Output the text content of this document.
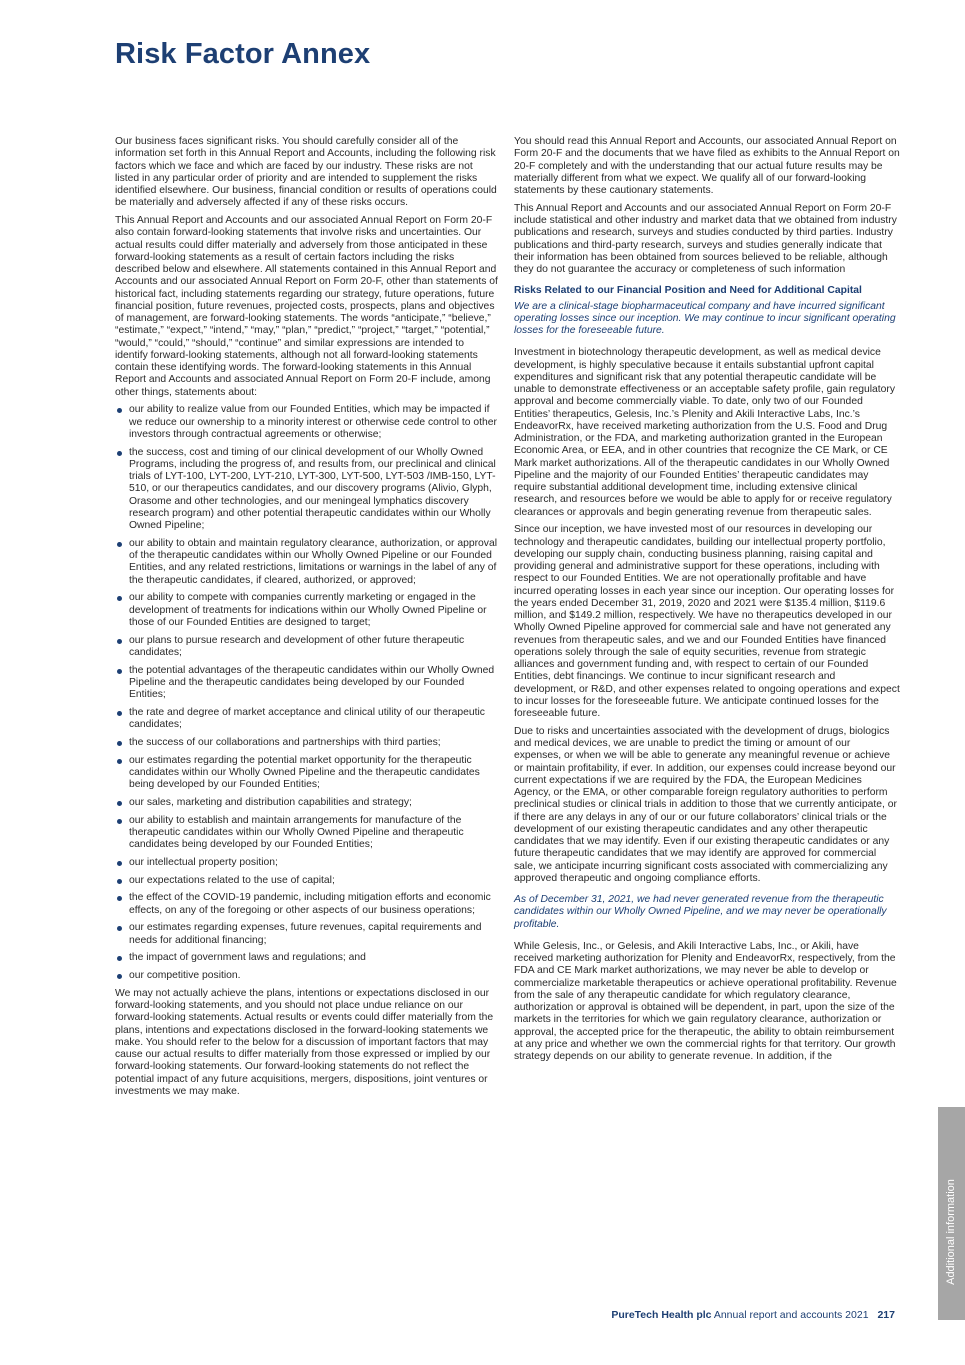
Risk Factor Annex

Our business faces significant risks. You should carefully consider all of the information set forth in this Annual Report and Accounts, including the following risk factors which we face and which are faced by our industry. These risks are not listed in any particular order of priority and are intended to supplement the risks identified elsewhere. Our business, financial condition or results of operations could be materially and adversely affected if any of these risks occurs.

This Annual Report and Accounts and our associated Annual Report on Form 20-F also contain forward-looking statements that involve risks and uncertainties. Our actual results could differ materially and adversely from those anticipated in these forward-looking statements as a result of certain factors including the risks described below and elsewhere. All statements contained in this Annual Report and Accounts and our associated Annual Report on Form 20-F, other than statements of historical fact, including statements regarding our strategy, future operations, future financial position, future revenues, projected costs, prospects, plans and objectives of management, are forward-looking statements. The words “anticipate,” “believe,” “estimate,” “expect,” “intend,” “may,” “plan,” “predict,” “project,” “target,” “potential,” “would,” “could,” “should,” “continue” and similar expressions are intended to identify forward-looking statements, although not all forward-looking statements contain these identifying words. The forward-looking statements in this Annual Report and Accounts and associated Annual Report on Form 20-F include, among other things, statements about:

our ability to realize value from our Founded Entities, which may be impacted if we reduce our ownership to a minority interest or otherwise cede control to other investors through contractual agreements or otherwise;
the success, cost and timing of our clinical development of our Wholly Owned Programs, including the progress of, and results from, our preclinical and clinical trials of LYT-100, LYT-200, LYT-210, LYT-300, LYT-500, LYT-503 /IMB-150, LYT-510, or our therapeutics candidates, and our discovery programs (Alivio, Glyph, Orasome and other technologies, and our meningeal lymphatics discovery research program) and other potential therapeutic candidates within our Wholly Owned Pipeline;
our ability to obtain and maintain regulatory clearance, authorization, or approval of the therapeutic candidates within our Wholly Owned Pipeline or our Founded Entities, and any related restrictions, limitations or warnings in the label of any of the therapeutic candidates, if cleared, authorized, or approved;
our ability to compete with companies currently marketing or engaged in the development of treatments for indications within our Wholly Owned Pipeline or those of our Founded Entities are designed to target;
our plans to pursue research and development of other future therapeutic candidates;
the potential advantages of the therapeutic candidates within our Wholly Owned Pipeline and the therapeutic candidates being developed by our Founded Entities;
the rate and degree of market acceptance and clinical utility of our therapeutic candidates;
the success of our collaborations and partnerships with third parties;
our estimates regarding the potential market opportunity for the therapeutic candidates within our Wholly Owned Pipeline and the therapeutic candidates being developed by our Founded Entities;
our sales, marketing and distribution capabilities and strategy;
our ability to establish and maintain arrangements for manufacture of the therapeutic candidates within our Wholly Owned Pipeline and therapeutic candidates being developed by our Founded Entities;
our intellectual property position;
our expectations related to the use of capital;
the effect of the COVID-19 pandemic, including mitigation efforts and economic effects, on any of the foregoing or other aspects of our business operations;
our estimates regarding expenses, future revenues, capital requirements and needs for additional financing;
the impact of government laws and regulations; and
our competitive position.

We may not actually achieve the plans, intentions or expectations disclosed in our forward-looking statements, and you should not place undue reliance on our forward-looking statements. Actual results or events could differ materially from the plans, intentions and expectations disclosed in the forward-looking statements we make. You should refer to the below for a discussion of important factors that may cause our actual results to differ materially from those expressed or implied by our forward-looking statements. Our forward-looking statements do not reflect the potential impact of any future acquisitions, mergers, dispositions, joint ventures or investments we may make.

You should read this Annual Report and Accounts, our associated Annual Report on Form 20-F and the documents that we have filed as exhibits to the Annual Report on 20-F completely and with the understanding that our actual future results may be materially different from what we expect. We qualify all of our forward-looking statements by these cautionary statements.

This Annual Report and Accounts and our associated Annual Report on Form 20-F include statistical and other industry and market data that we obtained from industry publications and research, surveys and studies conducted by third parties. Industry publications and third-party research, surveys and studies generally indicate that their information has been obtained from sources believed to be reliable, although they do not guarantee the accuracy or completeness of such information

Risks Related to our Financial Position and Need for Additional Capital

We are a clinical-stage biopharmaceutical company and have incurred significant operating losses since our inception. We may continue to incur significant operating losses for the foreseeable future.

Investment in biotechnology therapeutic development, as well as medical device development, is highly speculative because it entails substantial upfront capital expenditures and significant risk that any potential therapeutic candidate will be unable to demonstrate effectiveness or an acceptable safety profile, gain regulatory approval and become commercially viable. To date, only two of our Founded Entities’ therapeutics, Gelesis, Inc.’s Plenity and Akili Interactive Labs, Inc.’s EndeavorRx, have received marketing authorization from the U.S. Food and Drug Administration, or the FDA, and marketing authorization granted in the European Economic Area, or EEA, and in other countries that recognize the CE Mark, or CE Mark market authorizations. All of the therapeutic candidates in our Wholly Owned Pipeline and the majority of our Founded Entities’ therapeutic candidates may require substantial additional development time, including extensive clinical research, and resources before we would be able to apply for or receive regulatory clearances or approvals and begin generating revenue from therapeutic sales.

Since our inception, we have invested most of our resources in developing our technology and therapeutic candidates, building our intellectual property portfolio, developing our supply chain, conducting business planning, raising capital and providing general and administrative support for these operations, including with respect to our Founded Entities. We are not operationally profitable and have incurred operating losses in each year since our inception. Our operating losses for the years ended December 31, 2019, 2020 and 2021 were $135.4 million, $119.6 million, and $149.2 million, respectively. We have no therapeutics developed in our Wholly Owned Pipeline approved for commercial sale and have not generated any revenues from therapeutic sales, and we and our Founded Entities have financed operations solely through the sale of equity securities, revenue from strategic alliances and government funding and, with respect to certain of our Founded Entities, debt financings. We continue to incur significant research and development, or R&D, and other expenses related to ongoing operations and expect to incur losses for the foreseeable future. We anticipate continued losses for the foreseeable future.

Due to risks and uncertainties associated with the development of drugs, biologics and medical devices, we are unable to predict the timing or amount of our expenses, or when we will be able to generate any meaningful revenue or achieve or maintain profitability, if ever. In addition, our expenses could increase beyond our current expectations if we are required by the FDA, the European Medicines Agency, or the EMA, or other comparable foreign regulatory authorities to perform preclinical studies or clinical trials in addition to those that we currently anticipate, or if there are any delays in any of our or our future collaborators’ clinical trials or the development of our existing therapeutic candidates and any other therapeutic candidates that we may identify. Even if our existing therapeutic candidates or any future therapeutic candidates that we may identify are approved for commercial sale, we anticipate incurring significant costs associated with commercializing any approved therapeutic and ongoing compliance efforts.

As of December 31, 2021, we had never generated revenue from the therapeutic candidates within our Wholly Owned Pipeline, and we may never be operationally profitable.

While Gelesis, Inc., or Gelesis, and Akili Interactive Labs, Inc., or Akili, have received marketing authorization for Plenity and EndeavorRx, respectively, from the FDA and CE Mark market authorizations, we may never be able to develop or commercialize marketable therapeutics or achieve operational profitability. Revenue from the sale of any therapeutic candidate for which regulatory clearance, authorization or approval is obtained will be dependent, in part, upon the size of the markets in the territories for which we gain regulatory clearance, authorization or approval, the accepted price for the therapeutic, the ability to obtain reimbursement at any price and whether we own the commercial rights for that territory. Our growth strategy depends on our ability to generate revenue. In addition, if the

Additional information
PureTech Health plc Annual report and accounts 2021 217
